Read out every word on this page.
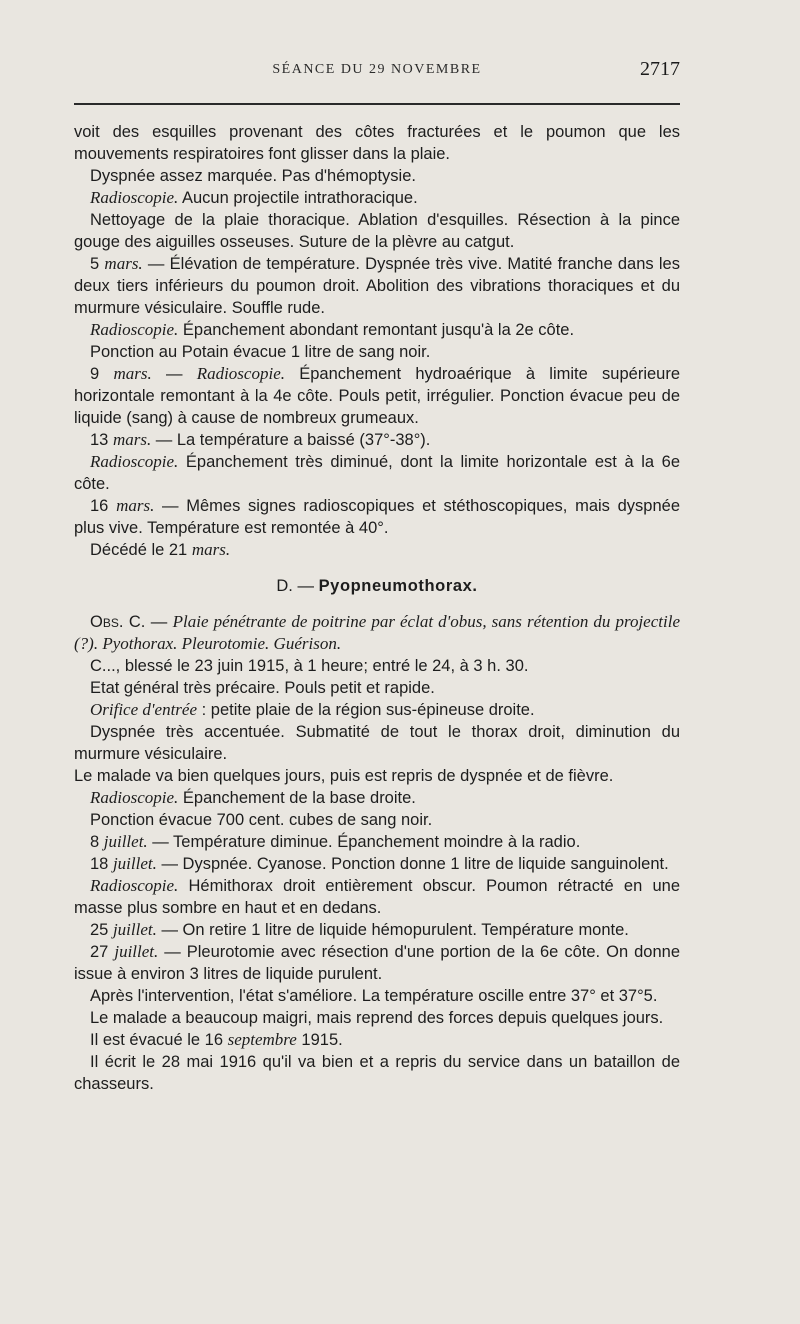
SÉANCE DU 29 NOVEMBRE	2717

voit des esquilles provenant des côtes fracturées et le poumon que les mouvements respiratoires font glisser dans la plaie.

Dyspnée assez marquée. Pas d'hémoptysie.

Radioscopie. Aucun projectile intrathoracique.

Nettoyage de la plaie thoracique. Ablation d'esquilles. Résection à la pince gouge des aiguilles osseuses. Suture de la plèvre au catgut.

5 mars. — Élévation de température. Dyspnée très vive. Matité franche dans les deux tiers inférieurs du poumon droit. Abolition des vibrations thoraciques et du murmure vésiculaire. Souffle rude.

Radioscopie. Épanchement abondant remontant jusqu'à la 2e côte.

Ponction au Potain évacue 1 litre de sang noir.

9 mars. — Radioscopie. Épanchement hydroaérique à limite supérieure horizontale remontant à la 4e côte. Pouls petit, irrégulier. Ponction évacue peu de liquide (sang) à cause de nombreux grumeaux.

13 mars. — La température a baissé (37°-38°).

Radioscopie. Épanchement très diminué, dont la limite horizontale est à la 6e côte.

16 mars. — Mêmes signes radioscopiques et stéthoscopiques, mais dyspnée plus vive. Température est remontée à 40°.

Décédé le 21 mars.

D. — Pyopneumothorax.

Obs. C. — Plaie pénétrante de poitrine par éclat d'obus, sans rétention du projectile (?). Pyothorax. Pleurotomie. Guérison.

C..., blessé le 23 juin 1915, à 1 heure; entré le 24, à 3 h. 30.

Etat général très précaire. Pouls petit et rapide.

Orifice d'entrée : petite plaie de la région sus-épineuse droite.

Dyspnée très accentuée. Submatité de tout le thorax droit, diminution du murmure vésiculaire.

Le malade va bien quelques jours, puis est repris de dyspnée et de fièvre.

Radioscopie. Épanchement de la base droite.

Ponction évacue 700 cent. cubes de sang noir.

8 juillet. — Température diminue. Épanchement moindre à la radio.

18 juillet. — Dyspnée. Cyanose. Ponction donne 1 litre de liquide sanguinolent.

Radioscopie. Hémithorax droit entièrement obscur. Poumon rétracté en une masse plus sombre en haut et en dedans.

25 juillet. — On retire 1 litre de liquide hémopurulent. Température monte.

27 juillet. — Pleurotomie avec résection d'une portion de la 6e côte. On donne issue à environ 3 litres de liquide purulent.

Après l'intervention, l'état s'améliore. La température oscille entre 37° et 37°5.

Le malade a beaucoup maigri, mais reprend des forces depuis quelques jours.

Il est évacué le 16 septembre 1915.

Il écrit le 28 mai 1916 qu'il va bien et a repris du service dans un bataillon de chasseurs.
